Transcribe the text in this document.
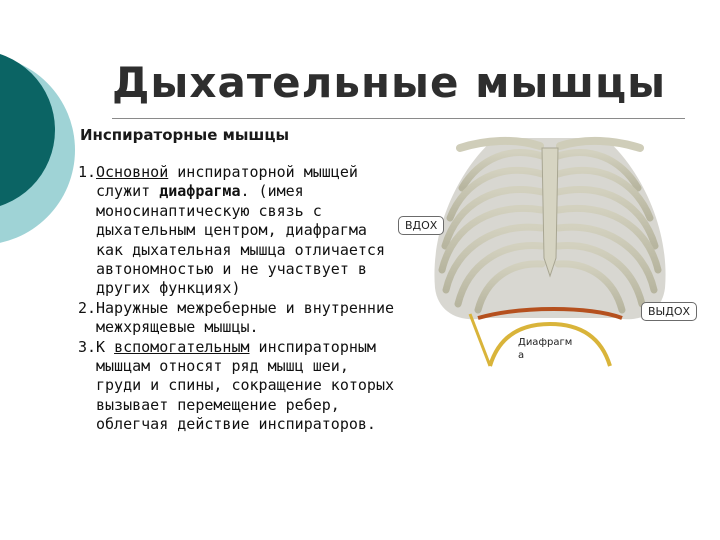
Дыхательные мышцы
Инспираторные мышцы
1. Основной инспираторной мышцей служит диафрагма. (имея моносинаптическую связь с дыхательным центром, диафрагма как дыхательная мышца отличается автономностью и не участвует в других функциях)
2. Наружные межреберные и внутренние межхрящевые мышцы.
3. К вспомогательным инспираторным мышцам относят ряд мышц шеи, груди и спины, сокращение которых вызывает перемещение ребер, облегчая действие инспираторов.
ВДОХ
ВЫДОХ
Диафрагм а
